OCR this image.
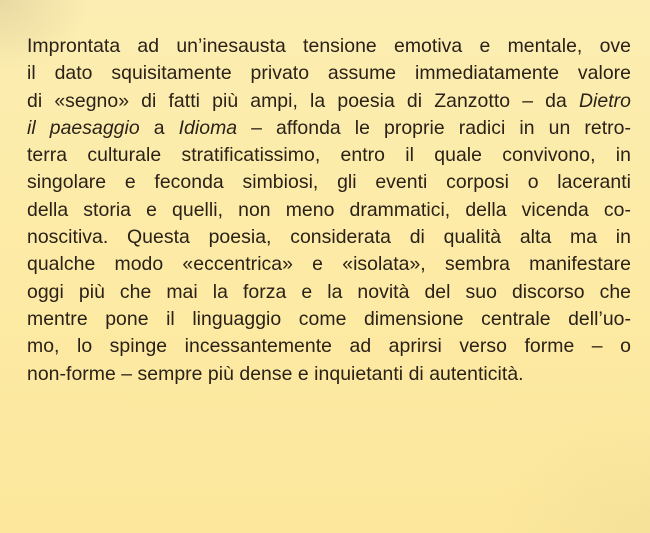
Improntata ad un’inesausta tensione emotiva e mentale, ove
il dato squisitamente privato assume immediatamente valore
di «segno» di fatti più ampi, la poesia di Zanzotto – da Dietro
il paesaggio a Idioma – affonda le proprie radici in un retro-
terra culturale stratificatissimo, entro il quale convivono, in
singolare e feconda simbiosi, gli eventi corposi o laceranti
della storia e quelli, non meno drammatici, della vicenda co-
noscitiva. Questa poesia, considerata di qualità alta ma in
qualche modo «eccentrica» e «isolata», sembra manifestare
oggi più che mai la forza e la novità del suo discorso che
mentre pone il linguaggio come dimensione centrale dell’uo-
mo, lo spinge incessantemente ad aprirsi verso forme – o
non-forme – sempre più dense e inquietanti di autenticità.
